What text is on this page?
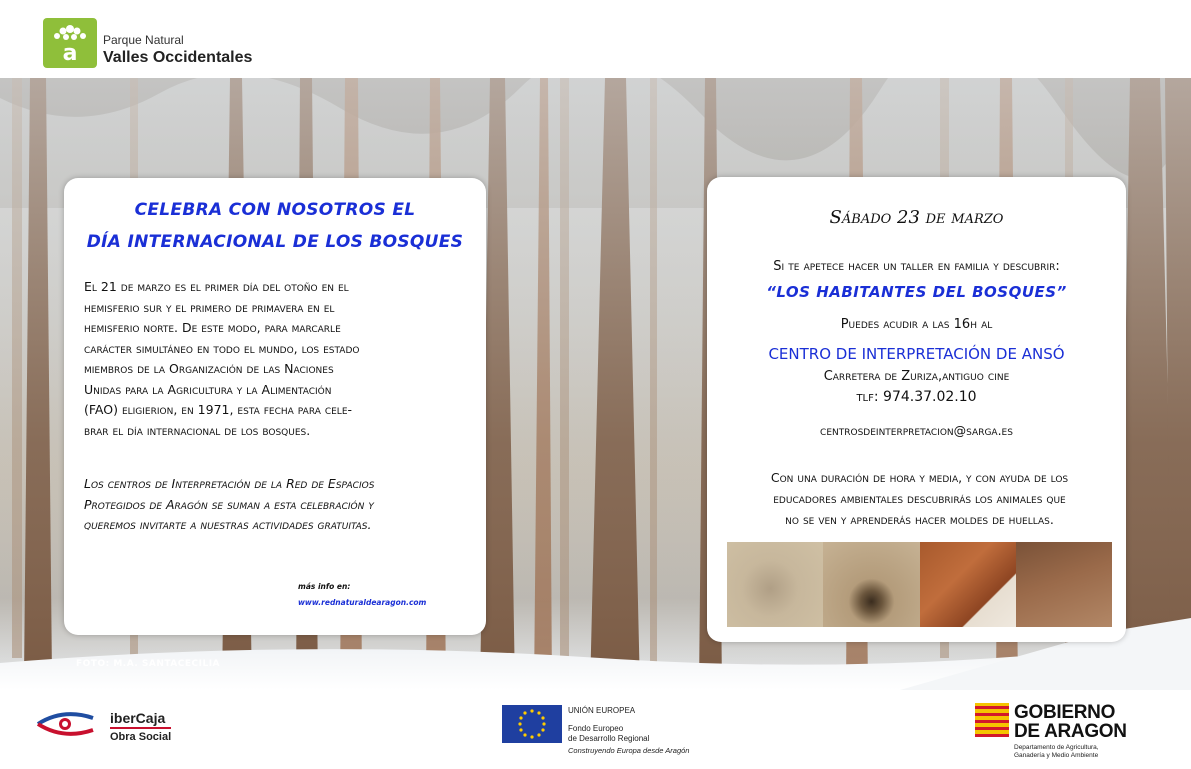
a
Parque Natural
Valles Occidentales
FOTO: M.A. SANTACECILIA
CELEBRA CON NOSOTROS EL
DÍA INTERNACIONAL DE LOS BOSQUES
El 21 de marzo es el primer día del otoño en el
hemisferio sur y el primero de primavera en el
hemisferio norte. De este modo, para marcarle
carácter simultáneo en todo el mundo, los estado
miembros de la Organización de las Naciones
Unidas para la Agricultura y la Alimentación
(FAO) eligierion, en 1971, esta fecha para cele-
brar el día internacional de los bosques.
Los centros de Interpretación de la Red de Espacios
Protegidos de Aragón se suman a esta celebración y
queremos invitarte a nuestras actividades gratuitas.
más info en:
www.rednaturaldearagon.com
Sábado 23 de marzo
Si te apetece hacer un taller en familia y descubrir:
“LOS HABITANTES DEL BOSQUES”
Puedes acudir a las 16h al
CENTRO DE INTERPRETACIÓN DE ANSÓ
Carretera de Zuriza,antiguo cine
tlf: 974.37.02.10
centrosdeinterpretacion@sarga.es
Con una duración de hora y media, y con ayuda de los
educadores ambientales descubrirás los animales que
no se ven y aprenderás hacer moldes de huellas.
iberCaja
Obra Social
UNIÓN EUROPEA
Fondo Europeo
de Desarrollo Regional
Construyendo Europa desde Aragón
GOBIERNO
DE ARAGON
Departamento de Agricultura,
Ganadería y Medio Ambiente
